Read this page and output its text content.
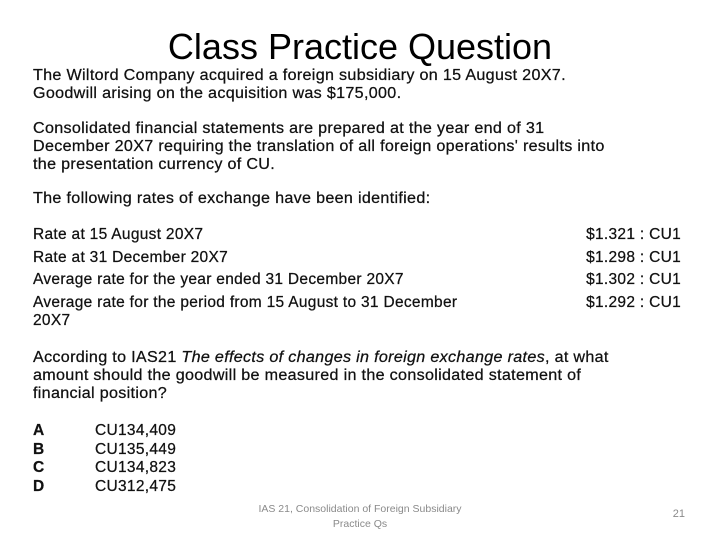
Class Practice Question

The Wiltord Company acquired a foreign subsidiary on 15 August 20X7.

Goodwill arising on the acquisition was $175,000.

Consolidated financial statements are prepared at the year end of 31

December 20X7 requiring the translation of all foreign operations' results into

the presentation currency of CU.

The following rates of exchange have been identified:

Rate at 15 August 20X7	$1.321 : CU1
Rate at 31 December 20X7	$1.298 : CU1
Average rate for the year ended 31 December 20X7	$1.302 : CU1
Average rate for the period from 15 August to 31 December
20X7
$1.292 : CU1

According to IAS21 The effects of changes in foreign exchange rates, at what

amount should the goodwill be measured in the consolidated statement of

financial position?

A	CU134,409
B	CU135,449
C	CU134,823
D	CU312,475
IAS 21, Consolidation of Foreign Subsidiary
Practice Qs
21
